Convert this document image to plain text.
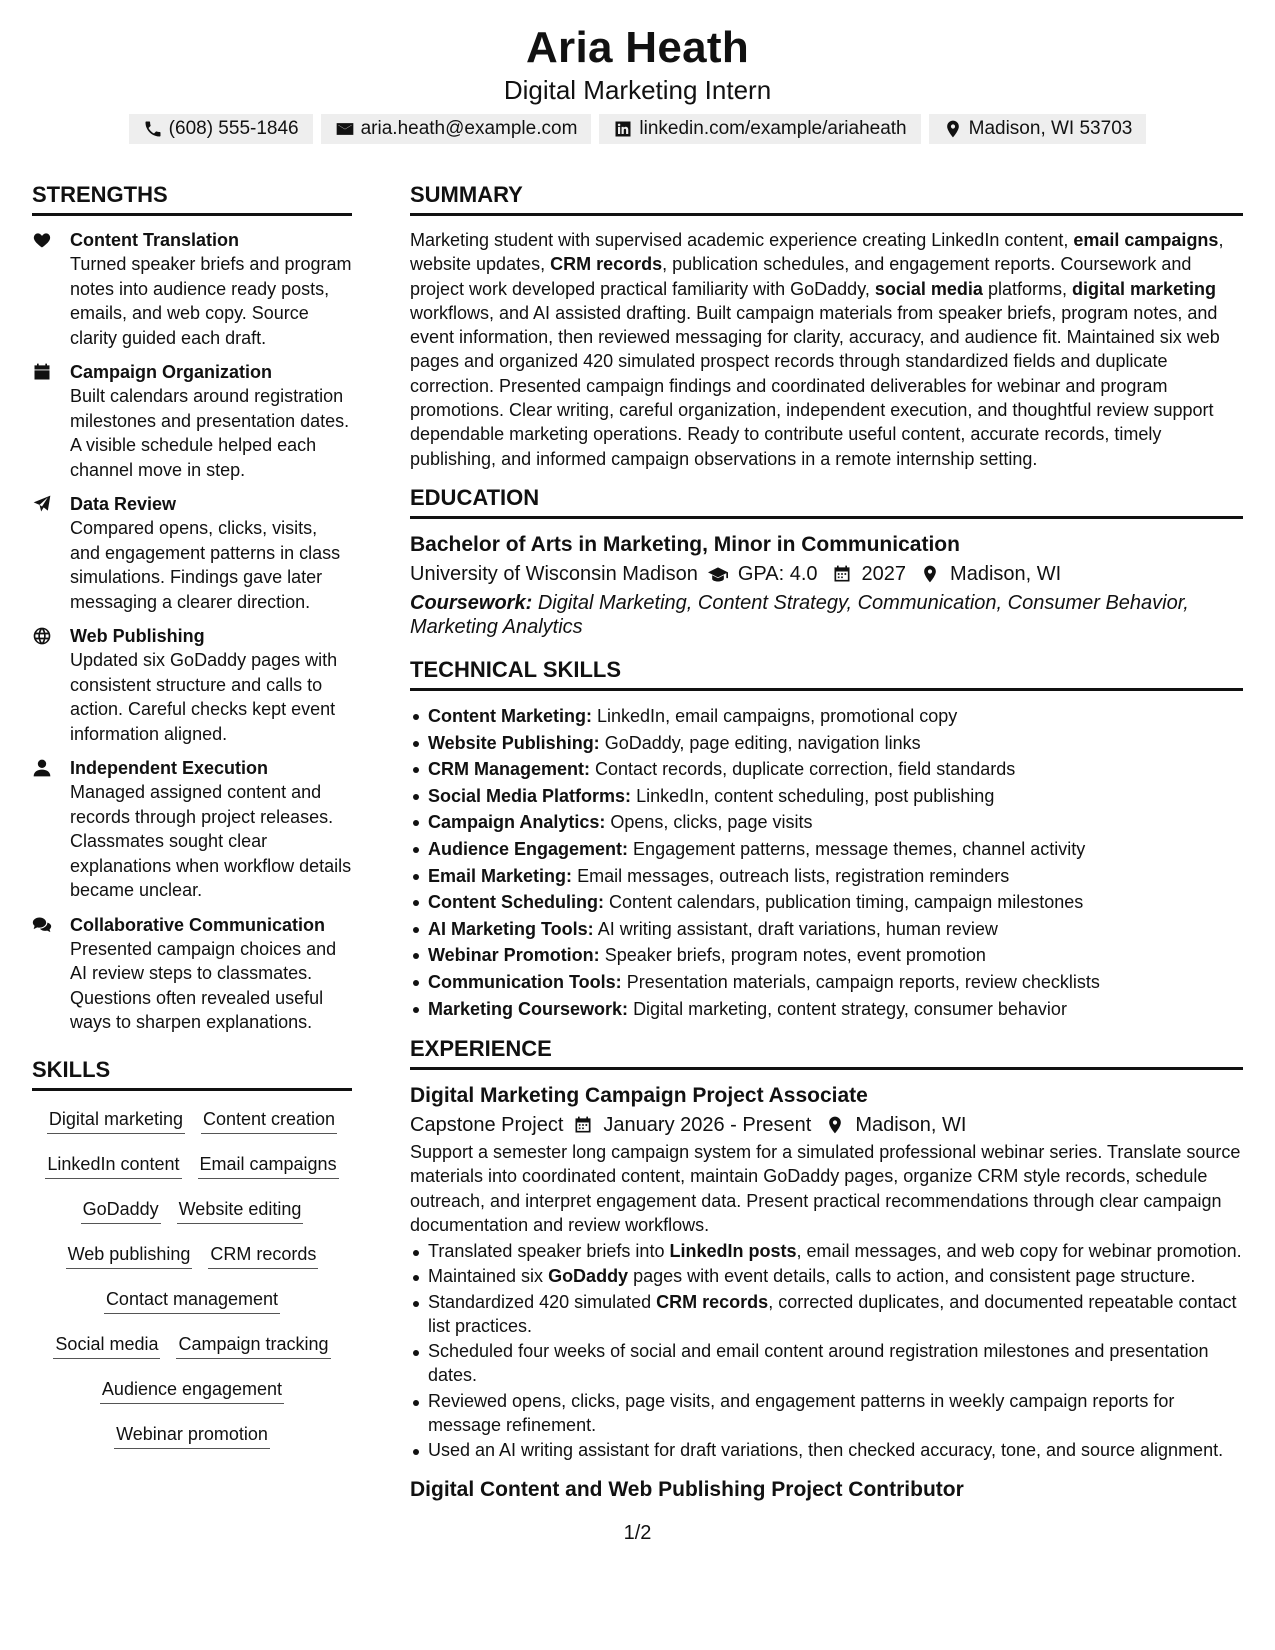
Aria Heath
Digital Marketing Intern
(608) 555-1846	aria.heath@example.com	linkedin.com/example/ariaheath	Madison, WI 53703
STRENGTHS
Content Translation
Turned speaker briefs and program notes into audience ready posts, emails, and web copy. Source clarity guided each draft.
Campaign Organization
Built calendars around registration milestones and presentation dates. A visible schedule helped each channel move in step.
Data Review
Compared opens, clicks, visits, and engagement patterns in class simulations. Findings gave later messaging a clearer direction.
Web Publishing
Updated six GoDaddy pages with consistent structure and calls to action. Careful checks kept event information aligned.
Independent Execution
Managed assigned content and records through project releases. Classmates sought clear explanations when workflow details became unclear.
Collaborative Communication
Presented campaign choices and AI review steps to classmates. Questions often revealed useful ways to sharpen explanations.
SKILLS
Digital marketing Content creation
LinkedIn content Email campaigns
GoDaddy Website editing
Web publishing CRM records
Contact management
Social media Campaign tracking
Audience engagement
Webinar promotion
SUMMARY

Marketing student with supervised academic experience creating LinkedIn content, email campaigns, website updates, CRM records, publication schedules, and engagement reports. Coursework and project work developed practical familiarity with GoDaddy, social media platforms, digital marketing workflows, and AI assisted drafting. Built campaign materials from speaker briefs, program notes, and event information, then reviewed messaging for clarity, accuracy, and audience fit. Maintained six web pages and organized 420 simulated prospect records through standardized fields and duplicate correction. Presented campaign findings and coordinated deliverables for webinar and program promotions. Clear writing, careful organization, independent execution, and thoughtful review support dependable marketing operations. Ready to contribute useful content, accurate records, timely publishing, and informed campaign observations in a remote internship setting.

EDUCATION
Bachelor of Arts in Marketing, Minor in Communication
University of Wisconsin Madison GPA: 4.0 2027 Madison, WI
Coursework: Digital Marketing, Content Strategy, Communication, Consumer Behavior, Marketing Analytics
TECHNICAL SKILLS
Content Marketing: LinkedIn, email campaigns, promotional copy
Website Publishing: GoDaddy, page editing, navigation links
CRM Management: Contact records, duplicate correction, field standards
Social Media Platforms: LinkedIn, content scheduling, post publishing
Campaign Analytics: Opens, clicks, page visits
Audience Engagement: Engagement patterns, message themes, channel activity
Email Marketing: Email messages, outreach lists, registration reminders
Content Scheduling: Content calendars, publication timing, campaign milestones
AI Marketing Tools: AI writing assistant, draft variations, human review
Webinar Promotion: Speaker briefs, program notes, event promotion
Communication Tools: Presentation materials, campaign reports, review checklists
Marketing Coursework: Digital marketing, content strategy, consumer behavior
EXPERIENCE
Digital Marketing Campaign Project Associate
Capstone Project January 2026 - Present Madison, WI

Support a semester long campaign system for a simulated professional webinar series. Translate source materials into coordinated content, maintain GoDaddy pages, organize CRM style records, schedule outreach, and interpret engagement data. Present practical recommendations through clear campaign documentation and review workflows.

Translated speaker briefs into LinkedIn posts, email messages, and web copy for webinar promotion.
Maintained six GoDaddy pages with event details, calls to action, and consistent page structure.
Standardized 420 simulated CRM records, corrected duplicates, and documented repeatable contact list practices.
Scheduled four weeks of social and email content around registration milestones and presentation dates.
Reviewed opens, clicks, page visits, and engagement patterns in weekly campaign reports for message refinement.
Used an AI writing assistant for draft variations, then checked accuracy, tone, and source alignment.
Digital Content and Web Publishing Project Contributor
1/2
